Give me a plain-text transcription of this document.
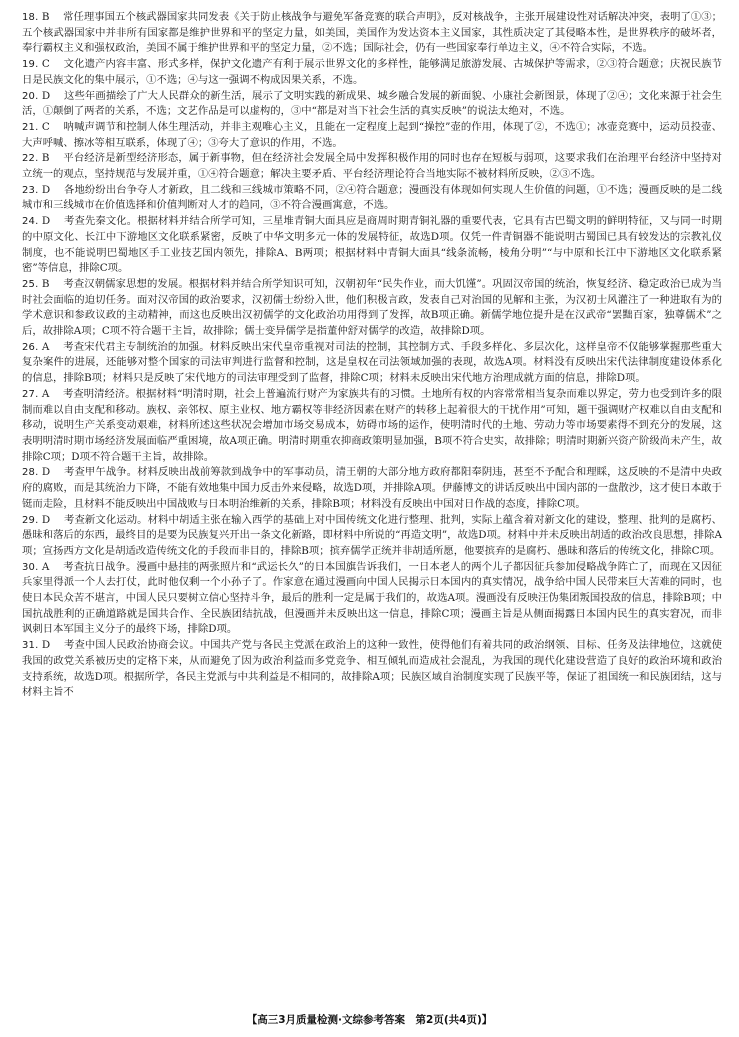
18. B 　常任理事国五个核武器国家共同发表《关于防止核战争与避免军备竞赛的联合声明》，反对核战争，主张开展建设性对话解决冲突，表明了①③；五个核武器国家中并非所有国家都是维护世界和平的坚定力量，如美国，美国作为发达资本主义国家，其性质决定了其侵略本性，是世界秩序的破坏者，奉行霸权主义和强权政治，美国不属于维护世界和平的坚定力量，②不选；国际社会，仍有一些国家奉行单边主义，④不符合实际，不选。

19. C 　文化遗产内容丰富、形式多样，保护文化遗产有利于展示世界文化的多样性，能够满足旅游发展、古城保护等需求，②③符合题意；庆祝民族节日是民族文化的集中展示，①不选；④与这一强调不构成因果关系，不选。

20. D 　这些年画描绘了广大人民群众的新生活，展示了文明实践的新成果、城乡融合发展的新面貌、小康社会新图景，体现了②④；文化来源于社会生活，①颠倒了两者的关系，不选；文艺作品是可以虚构的，③中“都是对当下社会生活的真实反映”的说法太绝对，不选。

21. C 　呐喊声调节和控制人体生理活动，并非主观唯心主义，且能在一定程度上起到“操控”壶的作用，体现了②，不选①；冰壶竞赛中，运动员投壶、大声呼喊、擦冰等相互联系，体现了④；③夸大了意识的作用，不选。

22. B 　平台经济是新型经济形态，属于新事物，但在经济社会发展全局中发挥积极作用的同时也存在短板与弱项，这要求我们在治理平台经济中坚持对立统一的观点，坚持规范与发展并重，①④符合题意；解决主要矛盾、平台经济理论符合当地实际不被材料所反映，②③不选。

23. D 　各地纷纷出台争夺人才新政，且二线和三线城市策略不同，②④符合题意；漫画没有体现如何实现人生价值的问题，①不选；漫画反映的是二线城市和三线城市在价值选择和价值判断对人才的趋同，③不符合漫画寓意，不选。

24. D 　考查先秦文化。根据材料并结合所学可知，三星堆青铜大面具应是商周时期青铜礼器的重要代表，它具有古巴蜀文明的鲜明特征，又与同一时期的中原文化、长江中下游地区文化联系紧密，反映了中华文明多元一体的发展特征，故选D项。仅凭一件青铜器不能说明古蜀国已具有较发达的宗教礼仪制度，也不能说明巴蜀地区手工业技艺国内领先，排除A、B两项；根据材料中青铜大面具“线条流畅，棱角分明”“与中原和长江中下游地区文化联系紧密”等信息，排除C项。

25. B 　考查汉朝儒家思想的发展。根据材料并结合所学知识可知，汉朝初年“民失作业，而大饥馑”。巩固汉帝国的统治，恢复经济、稳定政治已成为当时社会面临的迫切任务。面对汉帝国的政治要求，汉初儒士纷纷入世，他们积极言政，发表自己对治国的见解和主张，为汉初士风灌注了一种进取有为的学术意识和参政议政的主动精神，而这也反映出汉初儒学的文化政治功用得到了发挥，故B项正确。新儒学地位提升是在汉武帝“罢黜百家，独尊儒术”之后，故排除A项；C项不符合题干主旨，故排除；儒士变异儒学是指董仲舒对儒学的改造，故排除D项。

26. A 　考查宋代君主专制统治的加强。材料反映出宋代皇帝重视对司法的控制，其控制方式、手段多样化、多层次化，这样皇帝不仅能够掌握那些重大复杂案件的进展，还能够对整个国家的司法审判进行监督和控制，这是皇权在司法领域加强的表现，故选A项。材料没有反映出宋代法律制度建设体系化的信息，排除B项；材料只是反映了宋代地方的司法审理受到了监督，排除C项；材料未反映出宋代地方治理成就方面的信息，排除D项。

27. A 　考查明清经济。根据材料“明清时期，社会上普遍流行财产为家族共有的习惯。土地所有权的内容常常相当复杂而难以界定，劳力也受到许多的限制而难以自由支配和移动。族权、亲邻权、原主业权、地方霸权等非经济因素在财产的转移上起着很大的干扰作用”可知，题干强调财产权难以自由支配和移动，说明生产关系变动艰难，材料所述这些状况会增加市场交易成本，妨碍市场的运作，使明清时代的土地、劳动力等市场要素得不到充分的发展，这表明明清时期市场经济发展面临严重困境，故A项正确。明清时期重农抑商政策明显加强，B项不符合史实，故排除；明清时期新兴资产阶级尚未产生，故排除C项；D项不符合题干主旨，故排除。

28. D 　考查甲午战争。材料反映出战前筹款到战争中的军事动员，清王朝的大部分地方政府都阳奉阴违，甚至不予配合和理睬，这反映的不是清中央政府的腐败，而是其统治力下降，不能有效地集中国力反击外来侵略，故选D项，并排除A项。伊藤博文的讲话反映出中国内部的一盘散沙，这才使日本敢于铤而走险，且材料不能反映出中国战败与日本明治维新的关系，排除B项；材料没有反映出中国对日作战的态度，排除C项。

29. D 　考查新文化运动。材料中胡适主张在输入西学的基础上对中国传统文化进行整理、批判，实际上蕴含着对新文化的建设，整理、批判的是腐朽、愚昧和落后的东西，最终目的是要为民族复兴开出一条文化新路，即材料中所说的“再造文明”，故选D项。材料中并未反映出胡适的政治改良思想，排除A项；宣扬西方文化是胡适改造传统文化的手段而非目的，排除B项；摈弃儒学正统并非胡适所愿，他要摈弃的是腐朽、愚昧和落后的传统文化，排除C项。

30. A 　考查抗日战争。漫画中悬挂的两张照片和“武运长久”的日本国旗告诉我们，一日本老人的两个儿子都因征兵参加侵略战争阵亡了，而现在又因征兵家里得派一个人去打仗，此时他仅剩一个小孙子了。作家意在通过漫画向中国人民揭示日本国内的真实情况，战争给中国人民带来巨大苦难的同时，也使日本民众苦不堪言，中国人民只要树立信心坚持斗争，最后的胜利一定是属于我们的，故选A项。漫画没有反映汪伪集团叛国投敌的信息，排除B项；中国抗战胜利的正确道路就是国共合作、全民族团结抗战，但漫画并未反映出这一信息，排除C项；漫画主旨是从侧面揭露日本国内民生的真实窘况，而非讽刺日本军国主义分子的最终下场，排除D项。

31. D 　考查中国人民政治协商会议。中国共产党与各民主党派在政治上的这种一致性，使得他们有着共同的政治纲领、目标、任务及法律地位，这就使我国的政党关系被历史的定格下来，从而避免了因为政治利益而多党竞争、相互倾轧而造成社会混乱，为我国的现代化建设营造了良好的政治环境和政治支持系统，故选D项。根据所学，各民主党派与中共利益是不相同的，故排除A项；民族区域自治制度实现了民族平等，保证了祖国统一和民族团结，这与材料主旨不

【高三3月质量检测·文综参考答案　第2页(共4页)】
